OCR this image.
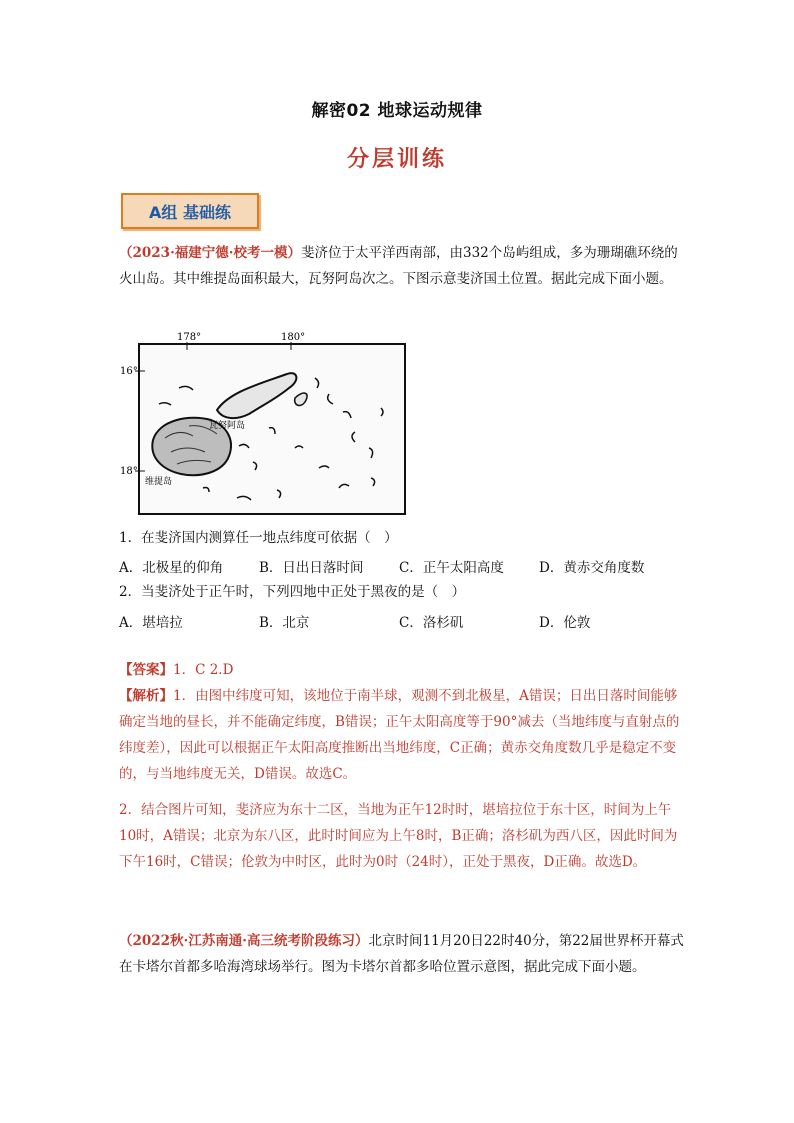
解密02 地球运动规律
分层训练
A组 基础练
（2023·福建宁德·校考一模）斐济位于太平洋西南部，由332个岛屿组成，多为珊瑚礁环绕的火山岛。其中维提岛面积最大，瓦努阿岛次之。下图示意斐济国土位置。据此完成下面小题。
178°	180°
16°
18°
瓦努阿岛
维提岛
1．在斐济国内测算任一地点纬度可依据（　）
A．北极星的仰角	B．日出日落时间	C．正午太阳高度	D．黄赤交角度数
2．当斐济处于正午时，下列四地中正处于黑夜的是（　）
A．堪培拉	B．北京	C．洛杉矶	D．伦敦
【答案】1．C 2.D
【解析】1．由图中纬度可知，该地位于南半球，观测不到北极星，A错误；日出日落时间能够确定当地的昼长，并不能确定纬度，B错误；正午太阳高度等于90°减去（当地纬度与直射点的纬度差），因此可以根据正午太阳高度推断出当地纬度，C正确；黄赤交角度数几乎是稳定不变的，与当地纬度无关，D错误。故选C。
2．结合图片可知，斐济应为东十二区，当地为正午12时时，堪培拉位于东十区，时间为上午10时，A错误；北京为东八区，此时时间应为上午8时，B正确；洛杉矶为西八区，因此时间为下午16时，C错误；伦敦为中时区，此时为0时（24时），正处于黑夜，D正确。故选D。
（2022秋·江苏南通·高三统考阶段练习）北京时间11月20日22时40分，第22届世界杯开幕式在卡塔尔首都多哈海湾球场举行。图为卡塔尔首都多哈位置示意图，据此完成下面小题。
